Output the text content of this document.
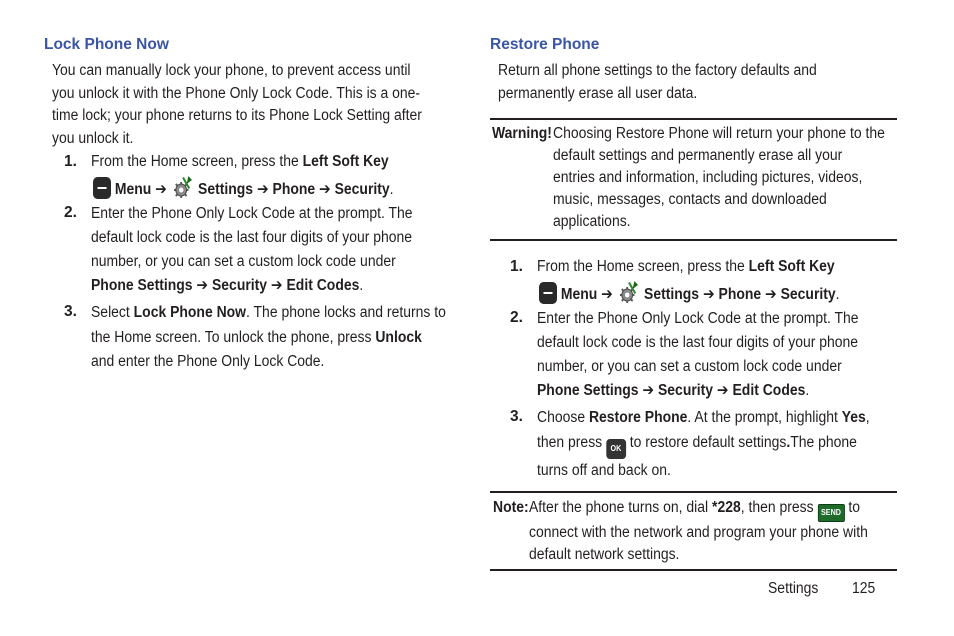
Lock Phone Now
You can manually lock your phone, to prevent access until
you unlock it with the Phone Only Lock Code. This is a one-
time lock; your phone returns to its Phone Lock Setting after
you unlock it.
1. From the Home screen, press the Left Soft Key
Menu ➔  Settings ➔ Phone ➔ Security.
2. Enter the Phone Only Lock Code at the prompt. The
default lock code is the last four digits of your phone
number, or you can set a custom lock code under
Phone Settings ➔ Security ➔ Edit Codes.
3. Select Lock Phone Now. The phone locks and returns to
the Home screen. To unlock the phone, press Unlock
and enter the Phone Only Lock Code.
Restore Phone
Return all phone settings to the factory defaults and
permanently erase all user data.
Warning! Choosing Restore Phone will return your phone to the
default settings and permanently erase all your
entries and information, including pictures, videos,
music, messages, contacts and downloaded
applications.
1. From the Home screen, press the Left Soft Key
Menu ➔  Settings ➔ Phone ➔ Security.
2. Enter the Phone Only Lock Code at the prompt. The
default lock code is the last four digits of your phone
number, or you can set a custom lock code under
Phone Settings ➔ Security ➔ Edit Codes.
3. Choose Restore Phone. At the prompt, highlight Yes,
then press OK to restore default settings.The phone
turns off and back on.
Note: After the phone turns on, dial *228, then press SEND to
connect with the network and program your phone with
default network settings.
Settings 125
